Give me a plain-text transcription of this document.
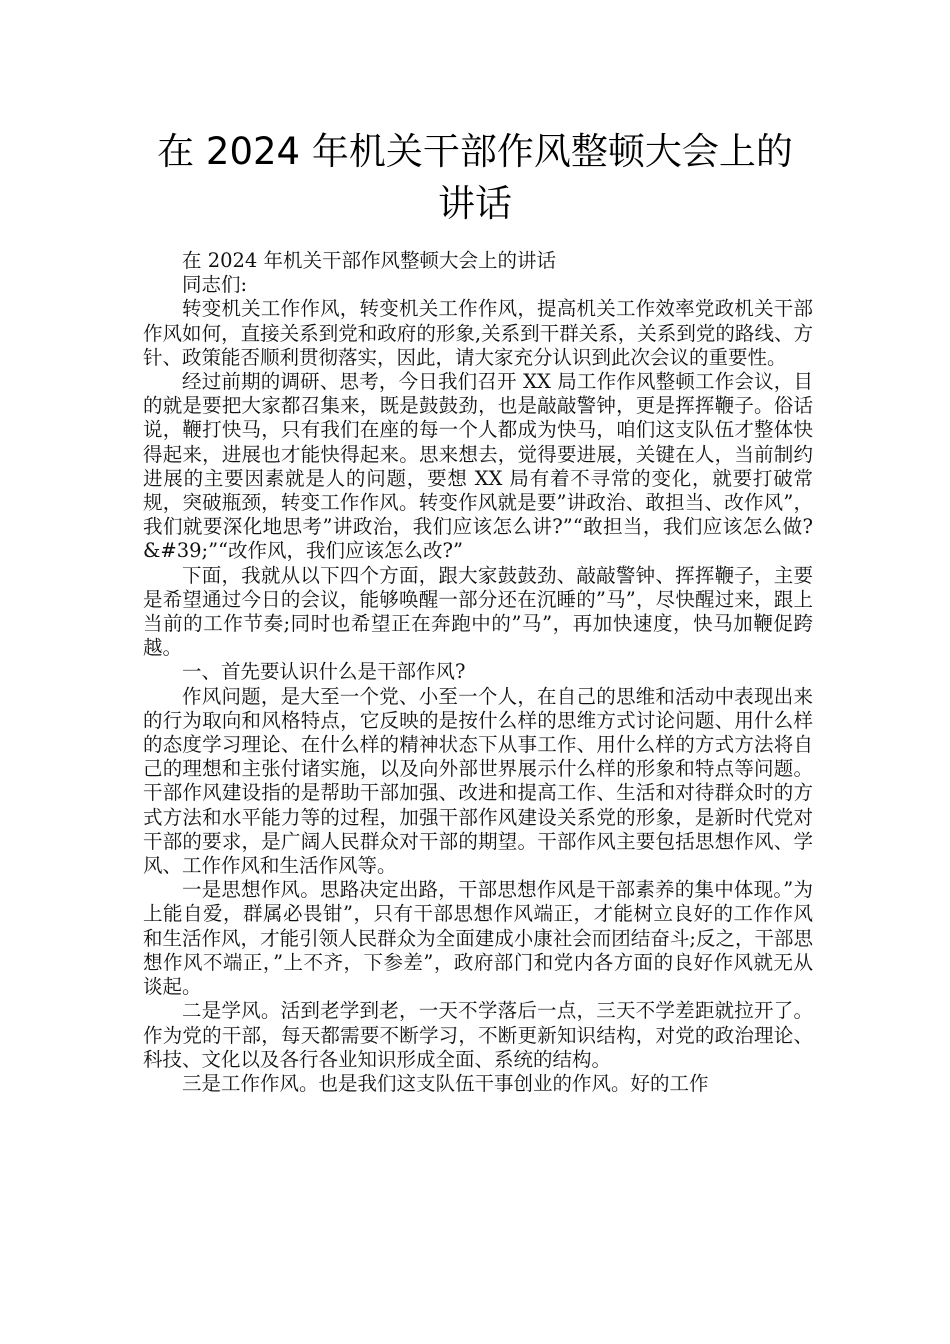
在 2024 年机关干部作风整顿大会上的
讲话

在 2024 年机关干部作风整顿大会上的讲话

同志们:

转变机关工作作风，转变机关工作作风，提高机关工作效率党政机关干部作风如何，直接关系到党和政府的形象,关系到干群关系，关系到党的路线、方针、政策能否顺利贯彻落实，因此，请大家充分认识到此次会议的重要性。

经过前期的调研、思考，今日我们召开 XX 局工作作风整顿工作会议，目的就是要把大家都召集来，既是鼓鼓劲，也是敲敲警钟，更是挥挥鞭子。俗话说，鞭打快马，只有我们在座的每一个人都成为快马，咱们这支队伍才整体快得起来，进展也才能快得起来。思来想去，觉得要进展，关键在人，当前制约进展的主要因素就是人的问题，要想 XX 局有着不寻常的变化，就要打破常规，突破瓶颈，转变工作作风。转变作风就是要”讲政治、敢担当、改作风”，我们就要深化地思考”讲政治，我们应该怎么讲?”“敢担当，我们应该怎么做?&#39;”“改作风，我们应该怎么改?”

下面，我就从以下四个方面，跟大家鼓鼓劲、敲敲警钟、挥挥鞭子，主要是希望通过今日的会议，能够唤醒一部分还在沉睡的”马”，尽快醒过来，跟上当前的工作节奏;同时也希望正在奔跑中的”马”，再加快速度，快马加鞭促跨越。

一、首先要认识什么是干部作风?

作风问题，是大至一个党、小至一个人，在自己的思维和活动中表现出来的行为取向和风格特点，它反映的是按什么样的思维方式讨论问题、用什么样的态度学习理论、在什么样的精神状态下从事工作、用什么样的方式方法将自己的理想和主张付诸实施，以及向外部世界展示什么样的形象和特点等问题。干部作风建设指的是帮助干部加强、改进和提高工作、生活和对待群众时的方式方法和水平能力等的过程，加强干部作风建设关系党的形象，是新时代党对干部的要求，是广阔人民群众对干部的期望。干部作风主要包括思想作风、学风、工作作风和生活作风等。

一是思想作风。思路决定出路，干部思想作风是干部素养的集中体现。”为上能自爱，群属必畏钳”，只有干部思想作风端正，才能树立良好的工作作风和生活作风，才能引领人民群众为全面建成小康社会而团结奋斗;反之，干部思想作风不端正，”上不齐，下参差”，政府部门和党内各方面的良好作风就无从谈起。

二是学风。活到老学到老，一天不学落后一点，三天不学差距就拉开了。作为党的干部，每天都需要不断学习，不断更新知识结构，对党的政治理论、科技、文化以及各行各业知识形成全面、系统的结构。

三是工作作风。也是我们这支队伍干事创业的作风。好的工作
